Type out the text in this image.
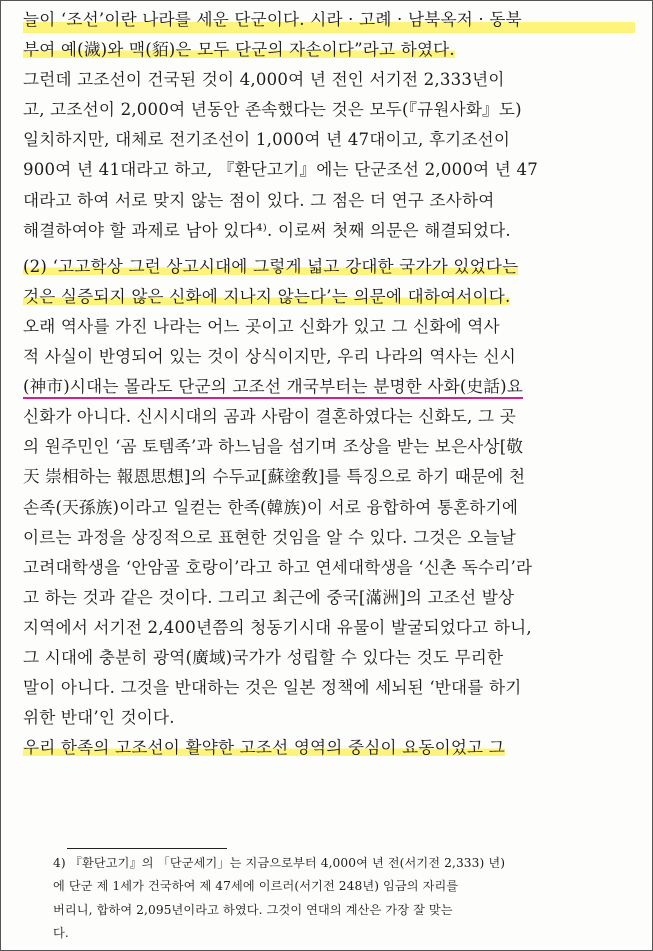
늘이 ‘조선’이란 나라를 세운 단군이다. 시라 · 고례 · 남북옥저 · 동북
부여 예(濊)와 맥(貊)은 모두 단군의 자손이다”라고 하였다.
그런데 고조선이 건국된 것이 4,000여 년 전인 서기전 2,333년이
고, 고조선이 2,000여 년동안 존속했다는 것은 모두(『규원사화』도)
일치하지만, 대체로 전기조선이 1,000여 년 47대이고, 후기조선이
900여 년 41대라고 하고, 『환단고기』에는 단군조선 2,000여 년 47
대라고 하여 서로 맞지 않는 점이 있다. 그 점은 더 연구 조사하여
해결하여야 할 과제로 남아 있다⁴⁾. 이로써 첫째 의문은 해결되었다.
(2) ‘고고학상 그런 상고시대에 그렇게 넓고 강대한 국가가 있었다는
것은 실증되지 않은 신화에 지나지 않는다’는 의문에 대하여서이다.
오래 역사를 가진 나라는 어느 곳이고 신화가 있고 그 신화에 역사
적 사실이 반영되어 있는 것이 상식이지만, 우리 나라의 역사는 신시
(神市)시대는 몰라도 단군의 고조선 개국부터는 분명한 사화(史話)요
신화가 아니다. 신시시대의 곰과 사람이 결혼하였다는 신화도, 그 곳
의 원주민인 ‘곰 토템족’과 하느님을 섬기며 조상을 받는 보은사상[敬
天 崇相하는 報恩思想]의 수두교[蘇塗敎]를 특징으로 하기 때문에 천
손족(天孫族)이라고 일컫는 한족(韓族)이 서로 융합하여 통혼하기에
이르는 과정을 상징적으로 표현한 것임을 알 수 있다. 그것은 오늘날
고려대학생을 ‘안암골 호랑이’라고 하고 연세대학생을 ‘신촌 독수리’라
고 하는 것과 같은 것이다. 그리고 최근에 중국[滿洲]의 고조선 발상
지역에서 서기전 2,400년쯤의 청동기시대 유물이 발굴되었다고 하니,
그 시대에 충분히 광역(廣域)국가가 성립할 수 있다는 것도 무리한
말이 아니다. 그것을 반대하는 것은 일본 정책에 세뇌된 ‘반대를 하기
위한 반대’인 것이다.
우리 한족의 고조선이 활약한 고조선 영역의 중심이 요동이었고 그
4) 『환단고기』의 「단군세기」는 지금으로부터 4,000여 년 전(서기전 2,333) 년)
에 단군 제 1세가 건국하여 제 47세에 이르러(서기전 248년) 임금의 자리를
버리니, 합하여 2,095년이라고 하였다. 그것이 연대의 계산은 가장 잘 맞는
다.
